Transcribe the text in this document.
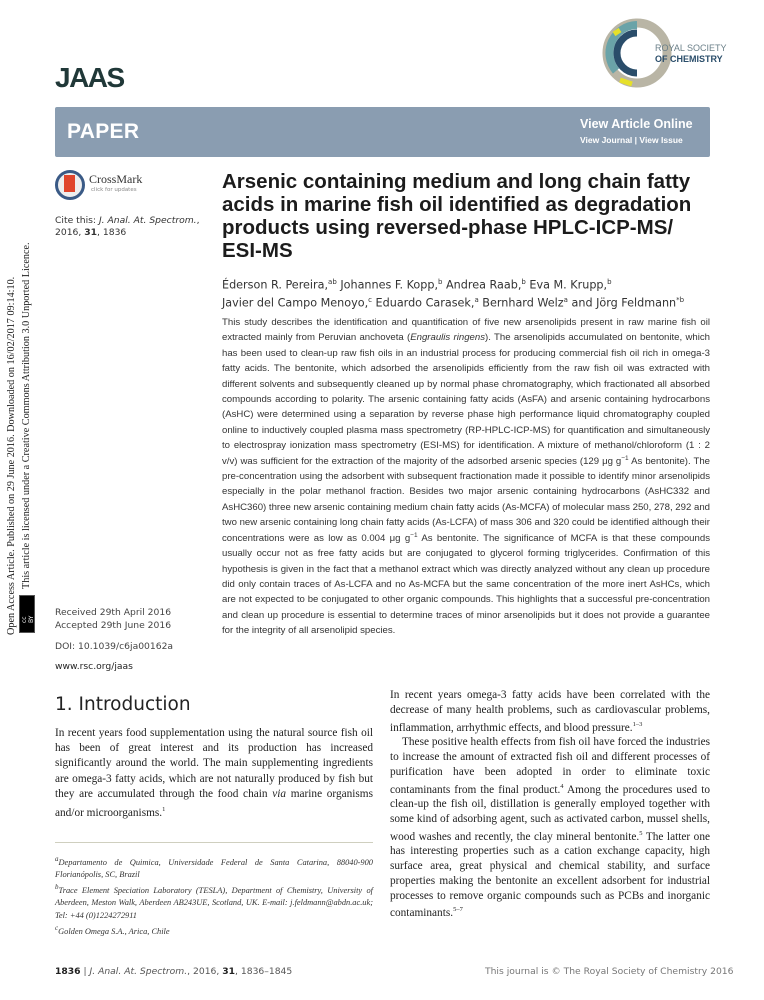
JAAS
ROYAL SOCIETY
OF CHEMISTRY
PAPER	View Article Online
View Journal | View Issue
CrossMark
click for updates
Cite this: J. Anal. At. Spectrom., 2016, 31, 1836
Open Access Article. Published on 29 June 2016. Downloaded on 16/02/2017 09:14:10. This article is licensed under a Creative Commons Attribution 3.0 Unported Licence.
cc BY
Received 29th April 2016
Accepted 29th June 2016
DOI: 10.1039/c6ja00162a
www.rsc.org/jaas
Arsenic containing medium and long chain fatty acids in marine fish oil identified as degradation products using reversed-phase HPLC-ICP-MS/ ESI-MS
Éderson R. Pereira,$^{ab}$ Johannes F. Kopp,$^b$ Andrea Raab,$^b$ Eva M. Krupp,$^b$
Javier del Campo Menoyo,$^c$ Eduardo Carasek,$^a$ Bernhard Welz$^a$ and Jörg Feldmann$^{*b}$
This study describes the identification and quantification of five new arsenolipids present in raw marine fish oil extracted mainly from Peruvian anchoveta (Engraulis ringens). The arsenolipids accumulated on bentonite, which has been used to clean-up raw fish oils in an industrial process for producing commercial fish oil rich in omega-3 fatty acids. The bentonite, which adsorbed the arsenolipids efficiently from the raw fish oil was extracted with different solvents and subsequently cleaned up by normal phase chromatography, which fractionated all absorbed compounds according to polarity. The arsenic containing fatty acids (AsFA) and arsenic containing hydrocarbons (AsHC) were determined using a separation by reverse phase high performance liquid chromatography coupled online to inductively coupled plasma mass spectrometry (RP-HPLC-ICP-MS) for quantification and simultaneously to electrospray ionization mass spectrometry (ESI-MS) for identification. A mixture of methanol/chloroform (1 : 2 v/v) was sufficient for the extraction of the majority of the adsorbed arsenic species (129 μg $g^{-1}$ As bentonite). The pre-concentration using the adsorbent with subsequent fractionation made it possible to identify minor arsenolipids especially in the polar methanol fraction. Besides two major arsenic containing hydrocarbons (AsHC332 and AsHC360) three new arsenic containing medium chain fatty acids (As-MCFA) of molecular mass 250, 278, 292 and two new arsenic containing long chain fatty acids (As-LCFA) of mass 306 and 320 could be identified although their concentrations were as low as 0.004 μg $g^{-1}$ As bentonite. The significance of MCFA is that these compounds usually occur not as free fatty acids but are conjugated to glycerol forming triglycerides. Confirmation of this hypothesis is given in the fact that a methanol extract which was directly analyzed without any clean up procedure did only contain traces of As-LCFA and no As-MCFA but the same concentration of the more inert AsHCs, which are not expected to be conjugated to other organic compounds. This highlights that a successful pre-concentration and clean up procedure is essential to determine traces of minor arsenolipids but it does not provide a guarantee for the integrity of all arsenolipid species.
1. Introduction
In recent years food supplementation using the natural source fish oil has been of great interest and its production has increased significantly around the world. The main supplementing ingredients are omega-3 fatty acids, which are not naturally produced by fish but they are accumulated through the food chain via marine organisms and/or microorganisms.$^1$

In recent years omega-3 fatty acids have been correlated with the decrease of many health problems, such as cardiovascular problems, inflammation, arrhythmic effects, and blood pressure.$^{1-3}$

These positive health effects from fish oil have forced the industries to increase the amount of extracted fish oil and different processes of purification have been adopted in order to eliminate toxic contaminants from the final product.$^4$ Among the procedures used to clean-up the fish oil, distillation is generally employed together with some kind of adsorbing agent, such as activated carbon, mussel shells, wood washes and recently, the clay mineral bentonite.$^5$ The latter one has interesting properties such as a cation exchange capacity, high surface area, great physical and chemical stability, and surface properties making the bentonite an excellent adsorbent for industrial processes to remove organic compounds such as PCBs and inorganic contaminants.$^{5-7}$

$^a$Departamento de Quimica, Universidade Federal de Santa Catarina, 88040-900 Florianópolis, SC, Brazil
$^b$Trace Element Speciation Laboratory (TESLA), Department of Chemistry, University of Aberdeen, Meston Walk, Aberdeen AB243UE, Scotland, UK. E-mail: j.feldmann@abdn.ac.uk; Tel: +44 (0)1224272911
$^c$Golden Omega S.A., Arica, Chile
1836 | J. Anal. At. Spectrom., 2016, 31, 1836–1845	This journal is © The Royal Society of Chemistry 2016
